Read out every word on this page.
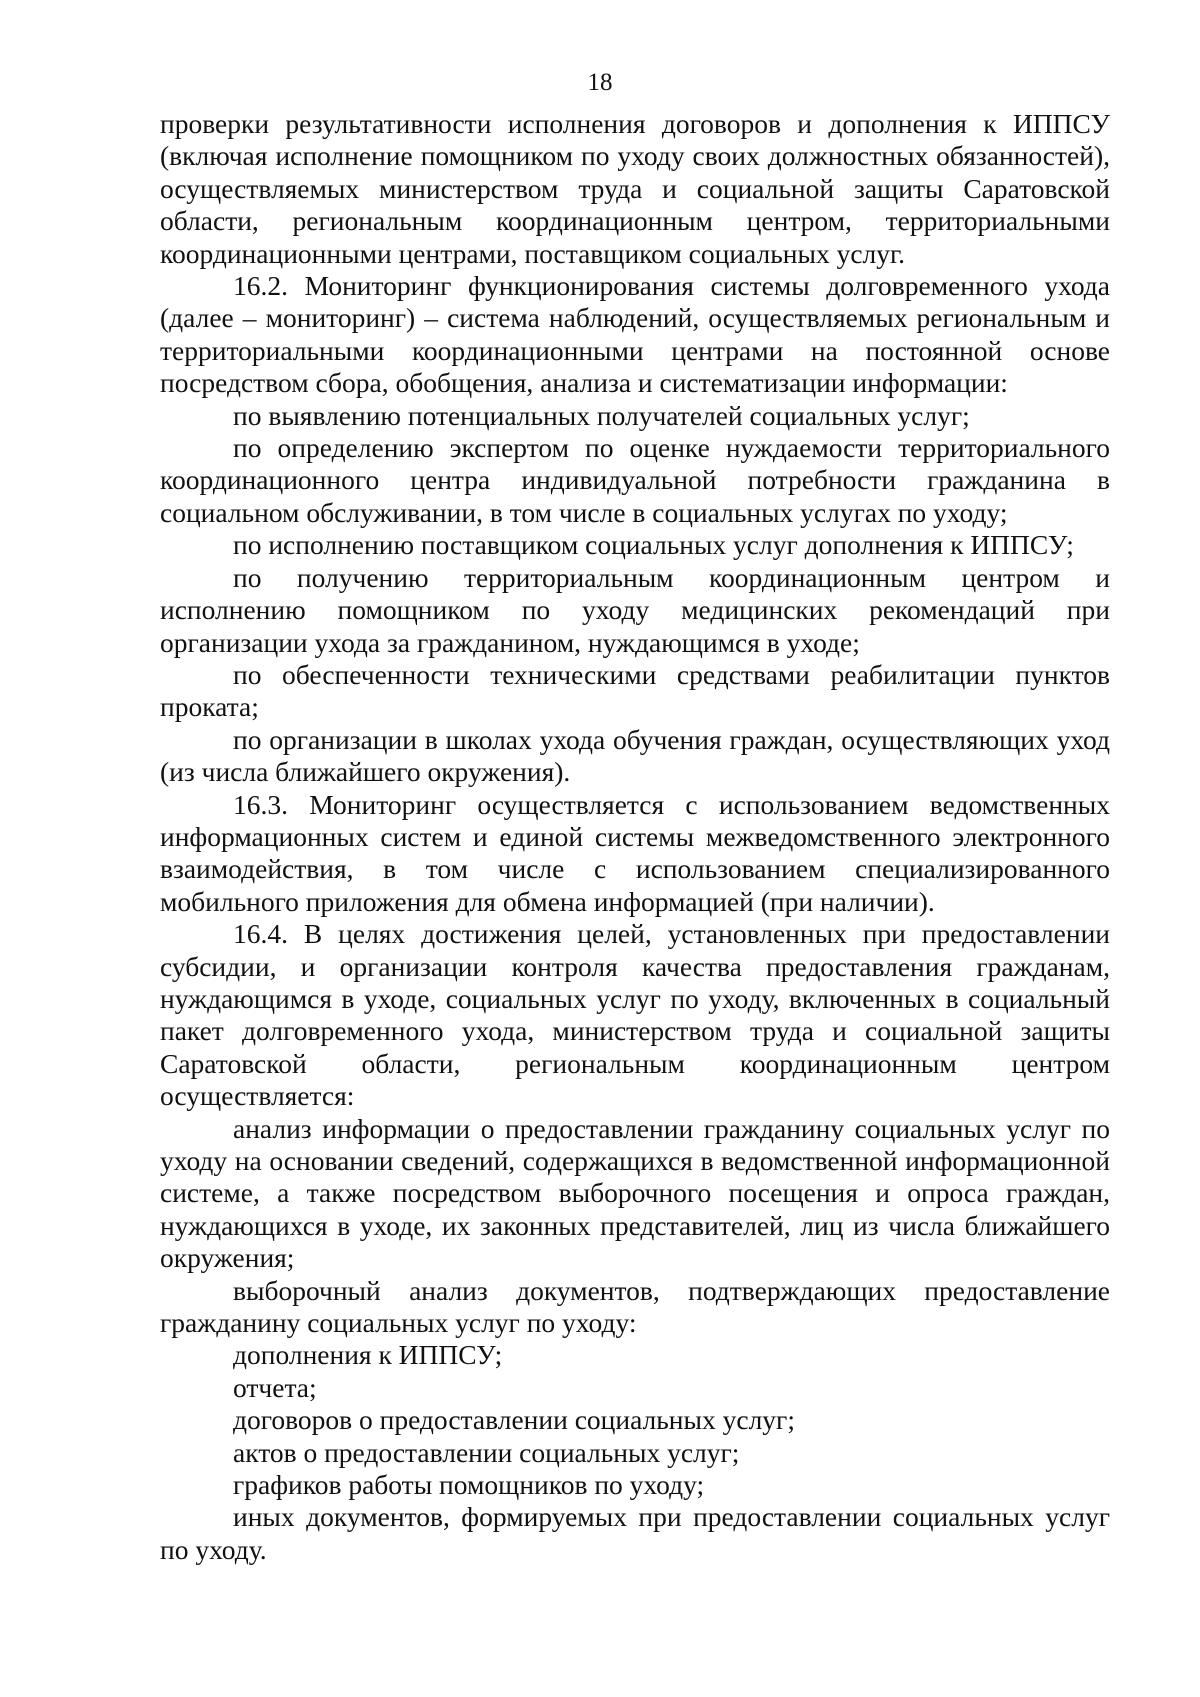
18

проверки результативности исполнения договоров и дополнения к ИППСУ (включая исполнение помощником по уходу своих должностных обязанностей), осуществляемых министерством труда и социальной защиты Саратовской области, региональным координационным центром, территориальными координационными центрами, поставщиком социальных услуг.

16.2. Мониторинг функционирования системы долговременного ухода (далее – мониторинг) – система наблюдений, осуществляемых региональным и территориальными координационными центрами на постоянной основе посредством сбора, обобщения, анализа и систематизации информации:

по выявлению потенциальных получателей социальных услуг;

по определению экспертом по оценке нуждаемости территориального координационного центра индивидуальной потребности гражданина в социальном обслуживании, в том числе в социальных услугах по уходу;

по исполнению поставщиком социальных услуг дополнения к ИППСУ;

по получению территориальным координационным центром и исполнению помощником по уходу медицинских рекомендаций при организации ухода за гражданином, нуждающимся в уходе;

по обеспеченности техническими средствами реабилитации пунктов проката;

по организации в школах ухода обучения граждан, осуществляющих уход (из числа ближайшего окружения).

16.3. Мониторинг осуществляется с использованием ведомственных информационных систем и единой системы межведомственного электронного взаимодействия, в том числе с использованием специализированного мобильного приложения для обмена информацией (при наличии).

16.4. В целях достижения целей, установленных при предоставлении субсидии, и организации контроля качества предоставления гражданам, нуждающимся в уходе, социальных услуг по уходу, включенных в социальный пакет долговременного ухода, министерством труда и социальной защиты Саратовской области, региональным координационным центром осуществляется:

анализ информации о предоставлении гражданину социальных услуг по уходу на основании сведений, содержащихся в ведомственной информационной системе, а также посредством выборочного посещения и опроса граждан, нуждающихся в уходе, их законных представителей, лиц из числа ближайшего окружения;

выборочный анализ документов, подтверждающих предоставление гражданину социальных услуг по уходу:

дополнения к ИППСУ;

отчета;

договоров о предоставлении социальных услуг;

актов о предоставлении социальных услуг;

графиков работы помощников по уходу;

иных документов, формируемых при предоставлении социальных услуг по уходу.
